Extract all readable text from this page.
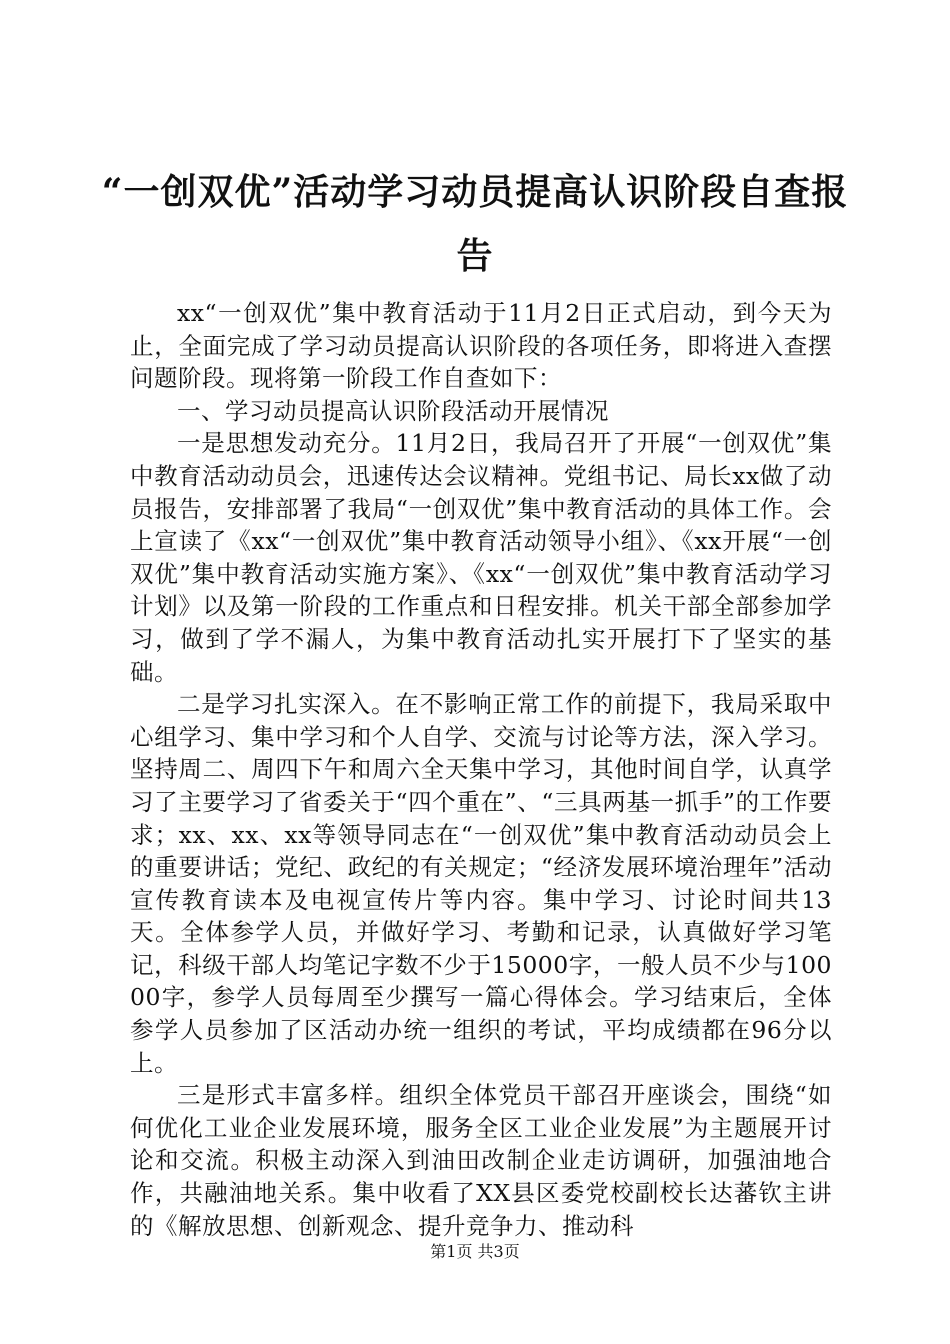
“一创双优”活动学习动员提高认识阶段自查报告

xx“一创双优”集中教育活动于11月2日正式启动，到今天为止，全面完成了学习动员提高认识阶段的各项任务，即将进入查摆问题阶段。现将第一阶段工作自查如下：

一、学习动员提高认识阶段活动开展情况

一是思想发动充分。11月2日，我局召开了开展“一创双优”集中教育活动动员会，迅速传达会议精神。党组书记、局长xx做了动员报告，安排部署了我局“一创双优”集中教育活动的具体工作。会上宣读了《xx“一创双优”集中教育活动领导小组》、《xx开展“一创双优”集中教育活动实施方案》、《xx“一创双优”集中教育活动学习计划》以及第一阶段的工作重点和日程安排。机关干部全部参加学习，做到了学不漏人，为集中教育活动扎实开展打下了坚实的基础。

二是学习扎实深入。在不影响正常工作的前提下，我局采取中心组学习、集中学习和个人自学、交流与讨论等方法，深入学习。坚持周二、周四下午和周六全天集中学习，其他时间自学，认真学习了主要学习了省委关于“四个重在”、“三具两基一抓手”的工作要求；xx、xx、xx等领导同志在“一创双优”集中教育活动动员会上的重要讲话；党纪、政纪的有关规定；“经济发展环境治理年”活动宣传教育读本及电视宣传片等内容。集中学习、讨论时间共13天。全体参学人员，并做好学习、考勤和记录，认真做好学习笔记，科级干部人均笔记字数不少于15000字，一般人员不少与10000字，参学人员每周至少撰写一篇心得体会。学习结束后，全体参学人员参加了区活动办统一组织的考试，平均成绩都在96分以上。

三是形式丰富多样。组织全体党员干部召开座谈会，围绕“如何优化工业企业发展环境，服务全区工业企业发展”为主题展开讨论和交流。积极主动深入到油田改制企业走访调研，加强油地合作，共融油地关系。集中收看了XX县区委党校副校长达蕃钦主讲的《解放思想、创新观念、提升竞争力、推动科

第1页 共3页
